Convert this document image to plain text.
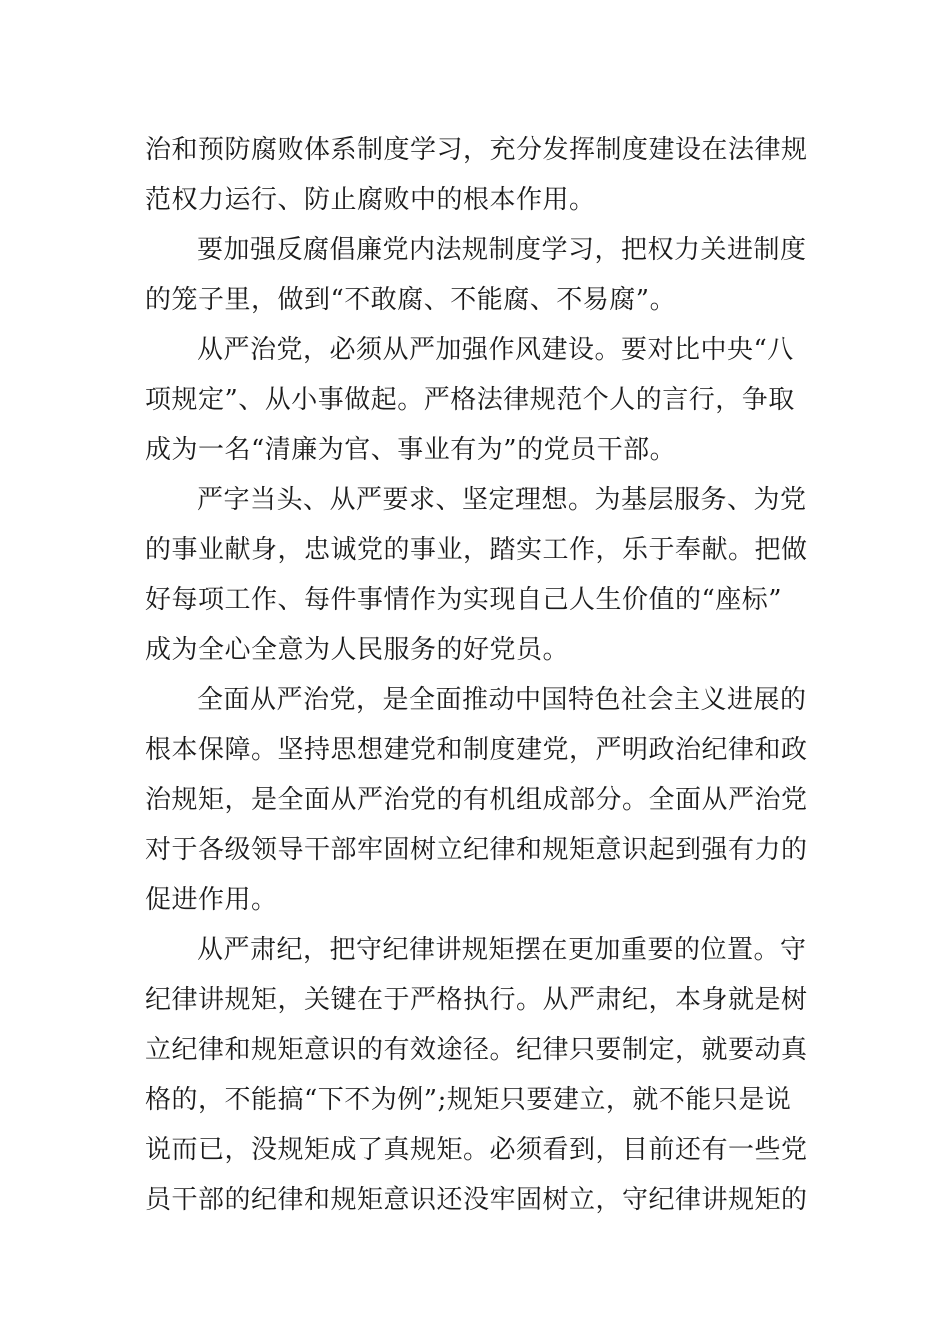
治和预防腐败体系制度学习，充分发挥制度建设在法律规
范权力运行、防止腐败中的根本作用。
要加强反腐倡廉党内法规制度学习，把权力关进制度
的笼子里，做到“不敢腐、不能腐、不易腐”。
从严治党，必须从严加强作风建设。要对比中央“八
项规定”、从小事做起。严格法律规范个人的言行，争取
成为一名“清廉为官、事业有为”的党员干部。
严字当头、从严要求、坚定理想。为基层服务、为党
的事业献身，忠诚党的事业，踏实工作，乐于奉献。把做
好每项工作、每件事情作为实现自己人生价值的“座标”
成为全心全意为人民服务的好党员。
全面从严治党，是全面推动中国特色社会主义进展的
根本保障。坚持思想建党和制度建党，严明政治纪律和政
治规矩，是全面从严治党的有机组成部分。全面从严治党
对于各级领导干部牢固树立纪律和规矩意识起到强有力的
促进作用。
从严肃纪，把守纪律讲规矩摆在更加重要的位置。守
纪律讲规矩，关键在于严格执行。从严肃纪，本身就是树
立纪律和规矩意识的有效途径。纪律只要制定，就要动真
格的，不能搞“下不为例”;规矩只要建立，就不能只是说
说而已，没规矩成了真规矩。必须看到，目前还有一些党
员干部的纪律和规矩意识还没牢固树立，守纪律讲规矩的
